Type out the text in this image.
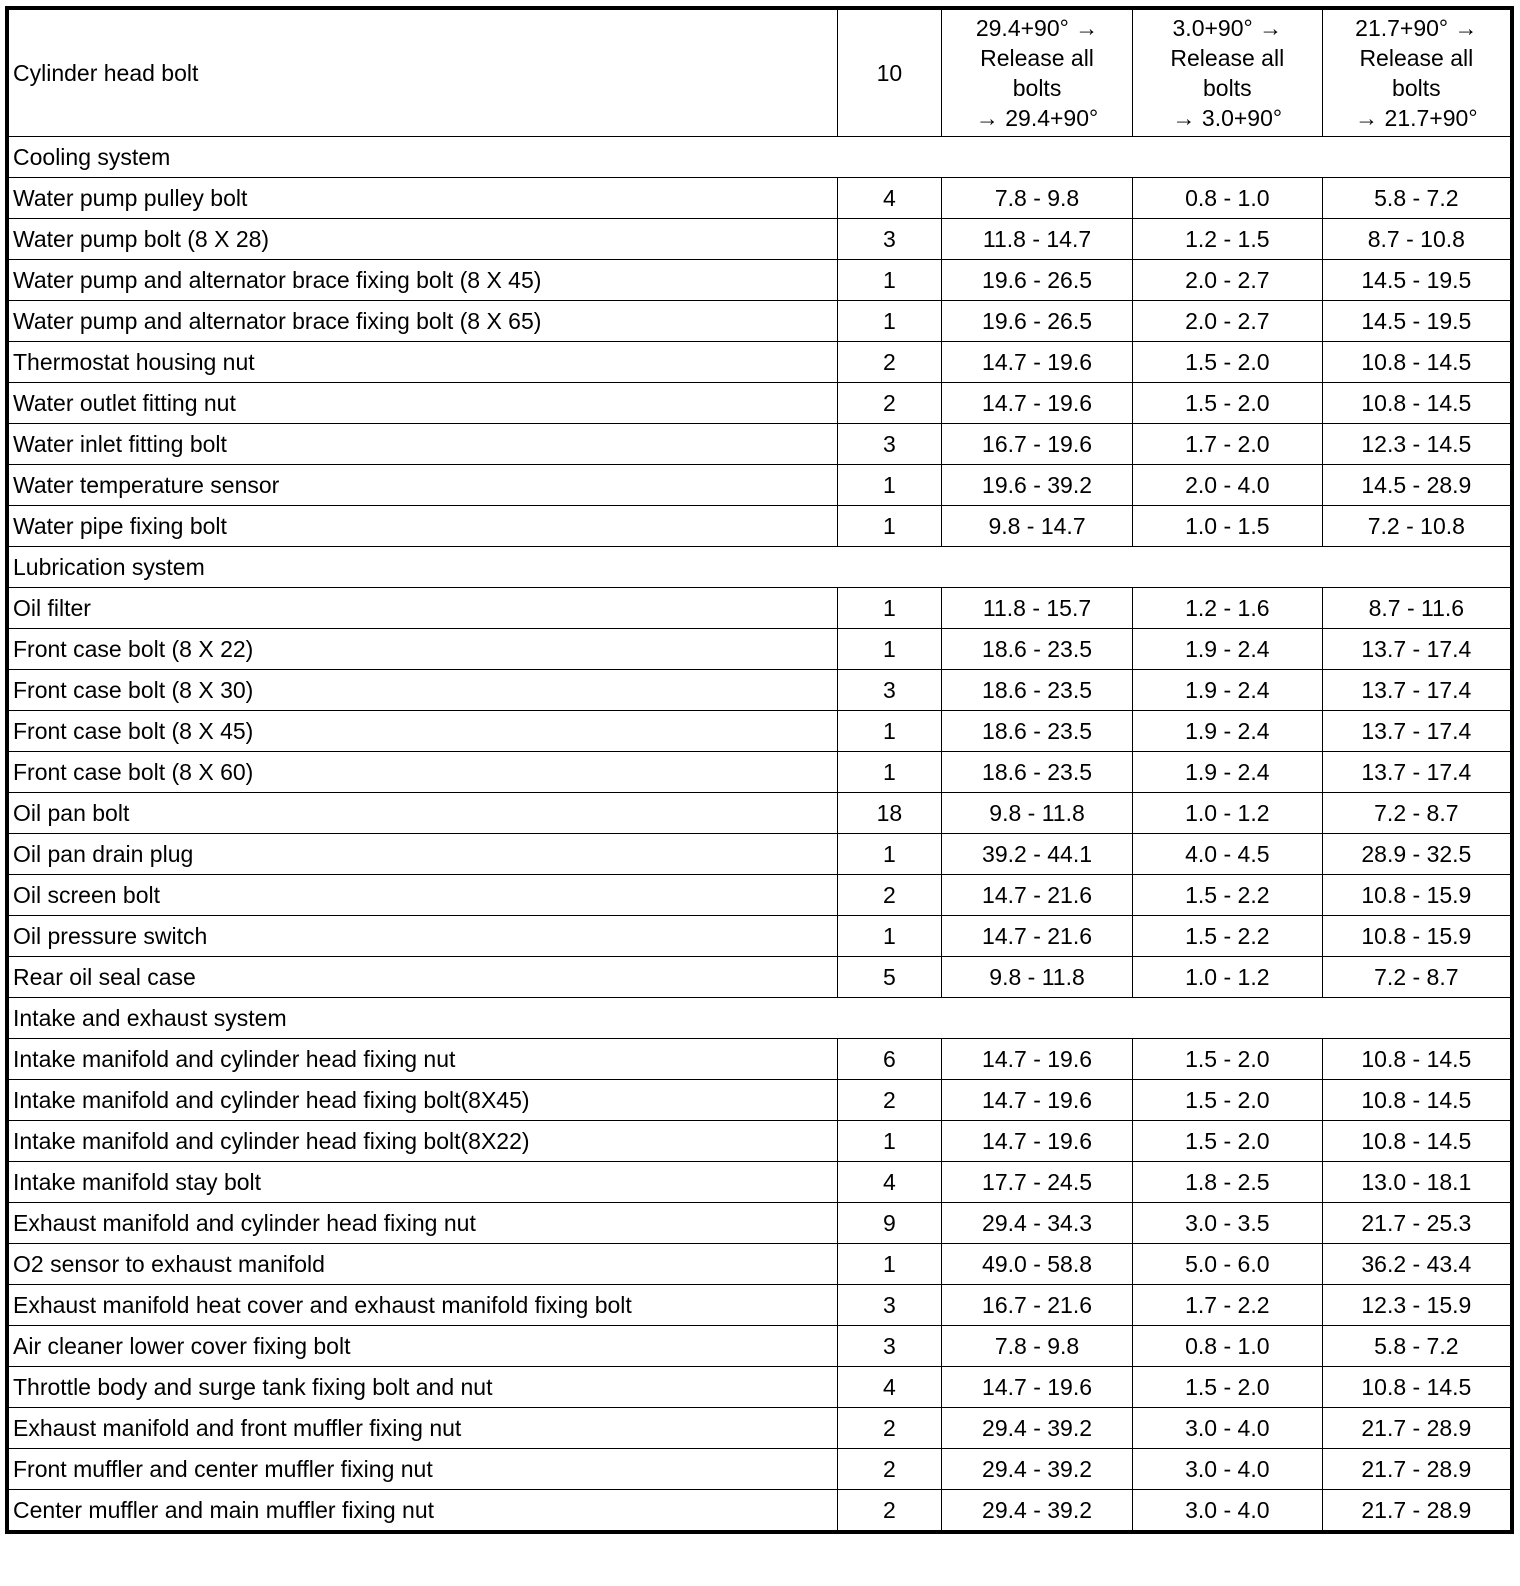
Cylinder head bolt	10	29.4+90° →
Release all
bolts
→ 29.4+90°	3.0+90° →
Release all
bolts
→ 3.0+90°	21.7+90° →
Release all
bolts
→ 21.7+90°

Cooling system				
Water pump pulley bolt	4	7.8 - 9.8	0.8 - 1.0	5.8 - 7.2
Water pump bolt (8 X 28)	3	11.8 - 14.7	1.2 - 1.5	8.7 - 10.8
Water pump and alternator brace fixing bolt (8 X 45)	1	19.6 - 26.5	2.0 - 2.7	14.5 - 19.5
Water pump and alternator brace fixing bolt (8 X 65)	1	19.6 - 26.5	2.0 - 2.7	14.5 - 19.5
Thermostat housing nut	2	14.7 - 19.6	1.5 - 2.0	10.8 - 14.5
Water outlet fitting nut	2	14.7 - 19.6	1.5 - 2.0	10.8 - 14.5
Water inlet fitting bolt	3	16.7 - 19.6	1.7 - 2.0	12.3 - 14.5
Water temperature sensor	1	19.6 - 39.2	2.0 - 4.0	14.5 - 28.9
Water pipe fixing bolt	1	9.8 - 14.7	1.0 - 1.5	7.2 - 10.8
Lubrication system				
Oil filter	1	11.8 - 15.7	1.2 - 1.6	8.7 - 11.6
Front case bolt (8 X 22)	1	18.6 - 23.5	1.9 - 2.4	13.7 - 17.4
Front case bolt (8 X 30)	3	18.6 - 23.5	1.9 - 2.4	13.7 - 17.4
Front case bolt (8 X 45)	1	18.6 - 23.5	1.9 - 2.4	13.7 - 17.4
Front case bolt (8 X 60)	1	18.6 - 23.5	1.9 - 2.4	13.7 - 17.4
Oil pan bolt	18	9.8 - 11.8	1.0 - 1.2	7.2 - 8.7
Oil pan drain plug	1	39.2 - 44.1	4.0 - 4.5	28.9 - 32.5
Oil screen bolt	2	14.7 - 21.6	1.5 - 2.2	10.8 - 15.9
Oil pressure switch	1	14.7 - 21.6	1.5 - 2.2	10.8 - 15.9
Rear oil seal case	5	9.8 - 11.8	1.0 - 1.2	7.2 - 8.7
Intake and exhaust system				
Intake manifold and cylinder head fixing nut	6	14.7 - 19.6	1.5 - 2.0	10.8 - 14.5
Intake manifold and cylinder head fixing bolt(8X45)	2	14.7 - 19.6	1.5 - 2.0	10.8 - 14.5
Intake manifold and cylinder head fixing bolt(8X22)	1	14.7 - 19.6	1.5 - 2.0	10.8 - 14.5
Intake manifold stay bolt	4	17.7 - 24.5	1.8 - 2.5	13.0 - 18.1
Exhaust manifold and cylinder head fixing nut	9	29.4 - 34.3	3.0 - 3.5	21.7 - 25.3
O2 sensor to exhaust manifold	1	49.0 - 58.8	5.0 - 6.0	36.2 - 43.4
Exhaust manifold heat cover and exhaust manifold fixing bolt	3	16.7 - 21.6	1.7 - 2.2	12.3 - 15.9
Air cleaner lower cover fixing bolt	3	7.8 - 9.8	0.8 - 1.0	5.8 - 7.2
Throttle body and surge tank fixing bolt and nut	4	14.7 - 19.6	1.5 - 2.0	10.8 - 14.5
Exhaust manifold and front muffler fixing nut	2	29.4 - 39.2	3.0 - 4.0	21.7 - 28.9
Front muffler and center muffler fixing nut	2	29.4 - 39.2	3.0 - 4.0	21.7 - 28.9
Center muffler and main muffler fixing nut	2	29.4 - 39.2	3.0 - 4.0	21.7 - 28.9
